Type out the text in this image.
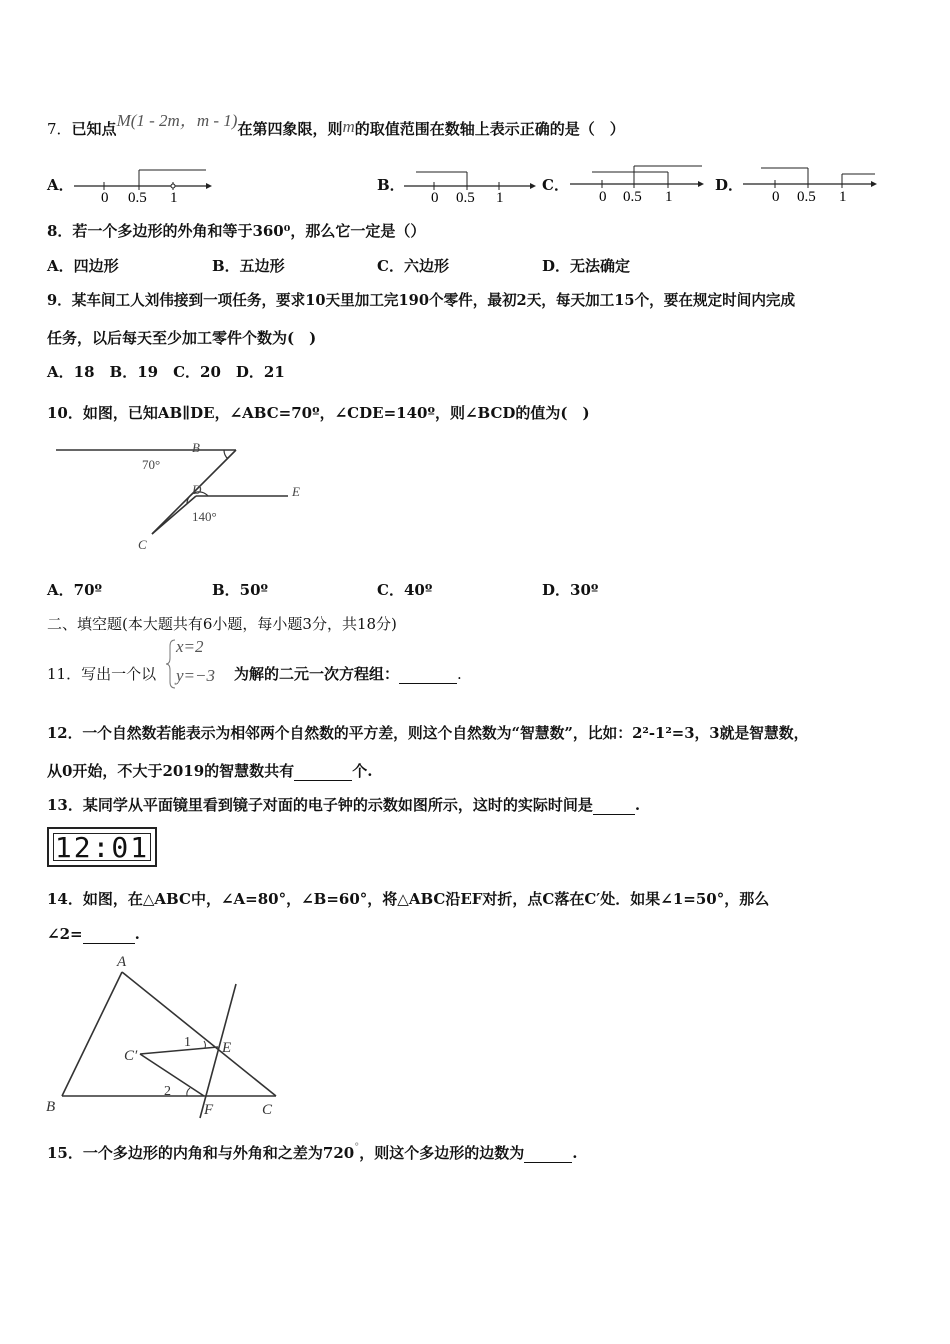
7．已知点M(1 - 2m，m - 1)在第四象限，则m的取值范围在数轴上表示正确的是（　）
A．
0 0.5 1
B．
0 0.5 1
C．
0 0.5 1
D．
0 0.5 1
8．若一个多边形的外角和等于360⁰，那么它一定是（）
A．四边形	B．五边形	C．六边形	D．无法确定
9．某车间工人刘伟接到一项任务，要求10天里加工完190个零件，最初2天，每天加工15个，要在规定时间内完成
任务，以后每天至少加工零件个数为(　)
A．18　B．19　C．20　D．21
10．如图，已知AB∥DE，∠ABC=70º，∠CDE=140º，则∠BCD的值为(　)
B
70°
D	E
140°
C
A．70º	B．50º	C．40º	D．30º
二、填空题(本大题共有6小题，每小题3分，共18分)
11．写出一个以
x=2
y=−3 为解的二元一次方程组：	.
12．一个自然数若能表示为相邻两个自然数的平方差，则这个自然数为“智慧数”，比如：2²-1²=3，3就是智慧数，
从0开始，不大于2019的智慧数共有	个.
13．某同学从平面镜里看到镜子对面的电子钟的示数如图所示，这时的实际时间是	.
12:01
14．如图，在△ABC中，∠A=80°，∠B=60°，将△ABC沿EF对折，点C落在C′处．如果∠1=50°，那么
∠2=	.
A
B	C
C′	E
F
1
2
15．一个多边形的内角和与外角和之差为720°，则这个多边形的边数为	.
